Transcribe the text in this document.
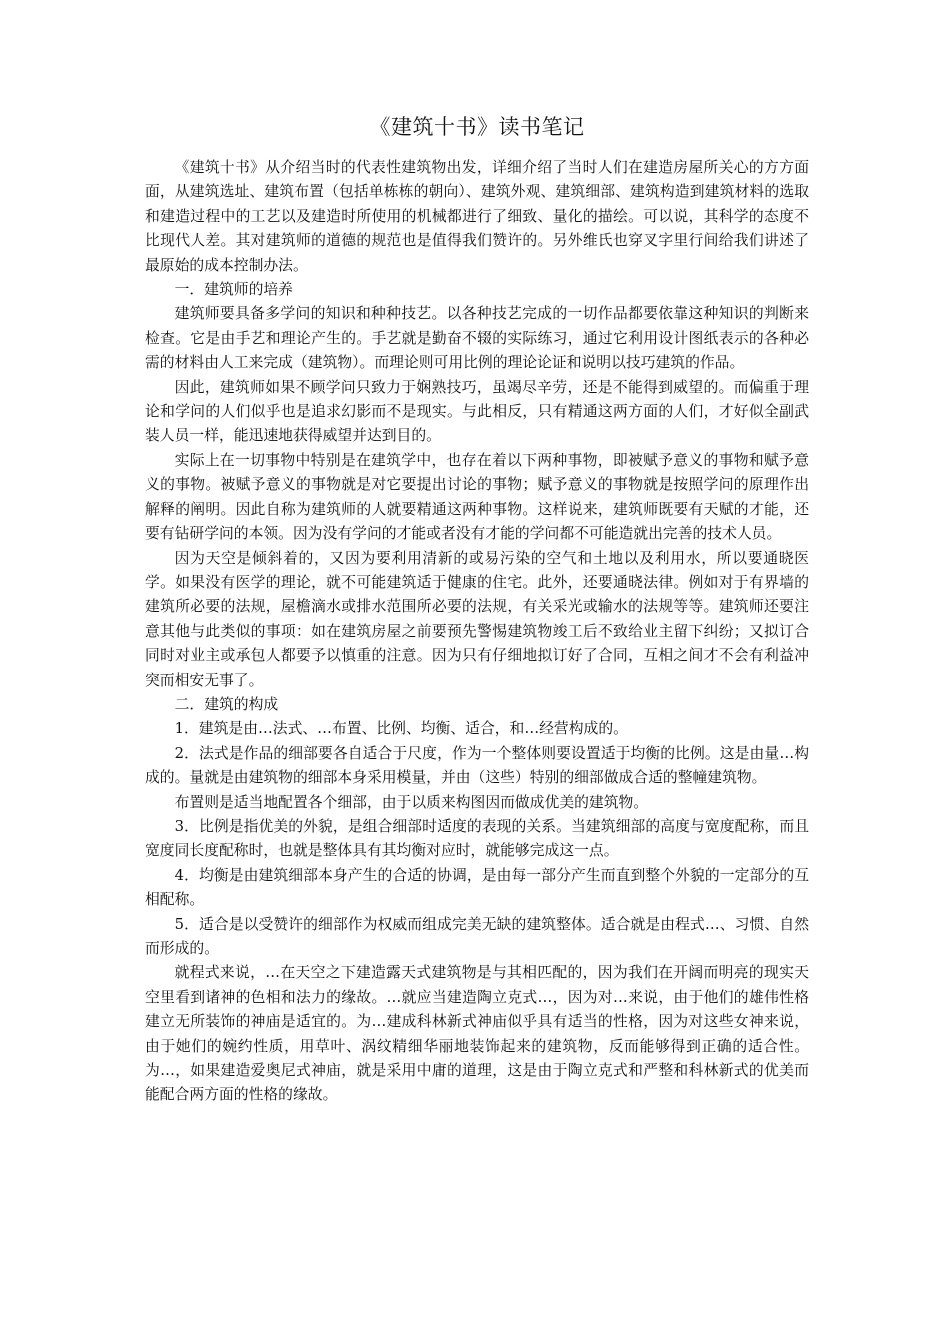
《建筑十书》读书笔记

《建筑十书》从介绍当时的代表性建筑物出发，详细介绍了当时人们在建造房屋所关心的方方面面，从建筑选址、建筑布置（包括单栋栋的朝向）、建筑外观、建筑细部、建筑构造到建筑材料的选取和建造过程中的工艺以及建造时所使用的机械都进行了细致、量化的描绘。可以说，其科学的态度不比现代人差。其对建筑师的道德的规范也是值得我们赞许的。另外维氏也穿叉字里行间给我们讲述了最原始的成本控制办法。

一．建筑师的培养

建筑师要具备多学问的知识和种种技艺。以各种技艺完成的一切作品都要依靠这种知识的判断来检查。它是由手艺和理论产生的。手艺就是勤奋不辍的实际练习，通过它利用设计图纸表示的各种必需的材料由人工来完成（建筑物）。而理论则可用比例的理论论证和说明以技巧建筑的作品。

因此，建筑师如果不顾学问只致力于娴熟技巧，虽竭尽辛劳，还是不能得到威望的。而偏重于理论和学问的人们似乎也是追求幻影而不是现实。与此相反，只有精通这两方面的人们，才好似全副武装人员一样，能迅速地获得威望并达到目的。

实际上在一切事物中特别是在建筑学中，也存在着以下两种事物，即被赋予意义的事物和赋予意义的事物。被赋予意义的事物就是对它要提出讨论的事物；赋予意义的事物就是按照学问的原理作出解释的阐明。因此自称为建筑师的人就要精通这两种事物。这样说来，建筑师既要有天赋的才能，还要有钻研学问的本领。因为没有学问的才能或者没有才能的学问都不可能造就出完善的技术人员。

因为天空是倾斜着的，又因为要利用清新的或易污染的空气和土地以及利用水，所以要通晓医学。如果没有医学的理论，就不可能建筑适于健康的住宅。此外，还要通晓法律。例如对于有界墙的建筑所必要的法规，屋檐滴水或排水范围所必要的法规，有关采光或输水的法规等等。建筑师还要注意其他与此类似的事项：如在建筑房屋之前要预先警惕建筑物竣工后不致给业主留下纠纷；又拟订合同时对业主或承包人都要予以慎重的注意。因为只有仔细地拟订好了合同，互相之间才不会有利益冲突而相安无事了。

二．建筑的构成

1．建筑是由…法式、…布置、比例、均衡、适合，和…经营构成的。

2．法式是作品的细部要各自适合于尺度，作为一个整体则要设置适于均衡的比例。这是由量…构成的。量就是由建筑物的细部本身采用模量，并由（这些）特别的细部做成合适的整幢建筑物。

布置则是适当地配置各个细部，由于以质来构图因而做成优美的建筑物。

3．比例是指优美的外貌，是组合细部时适度的表现的关系。当建筑细部的高度与宽度配称，而且宽度同长度配称时，也就是整体具有其均衡对应时，就能够完成这一点。

4．均衡是由建筑细部本身产生的合适的协调，是由每一部分产生而直到整个外貌的一定部分的互相配称。

5．适合是以受赞许的细部作为权威而组成完美无缺的建筑整体。适合就是由程式…、习惯、自然而形成的。

就程式来说，…在天空之下建造露天式建筑物是与其相匹配的，因为我们在开阔而明亮的现实天空里看到诸神的色相和法力的缘故。…就应当建造陶立克式…，因为对…来说，由于他们的雄伟性格建立无所装饰的神庙是适宜的。为…建成科林新式神庙似乎具有适当的性格，因为对这些女神来说，由于她们的婉约性质，用草叶、涡纹精细华丽地装饰起来的建筑物，反而能够得到正确的适合性。为…，如果建造爱奥尼式神庙，就是采用中庸的道理，这是由于陶立克式和严整和科林新式的优美而能配合两方面的性格的缘故。
